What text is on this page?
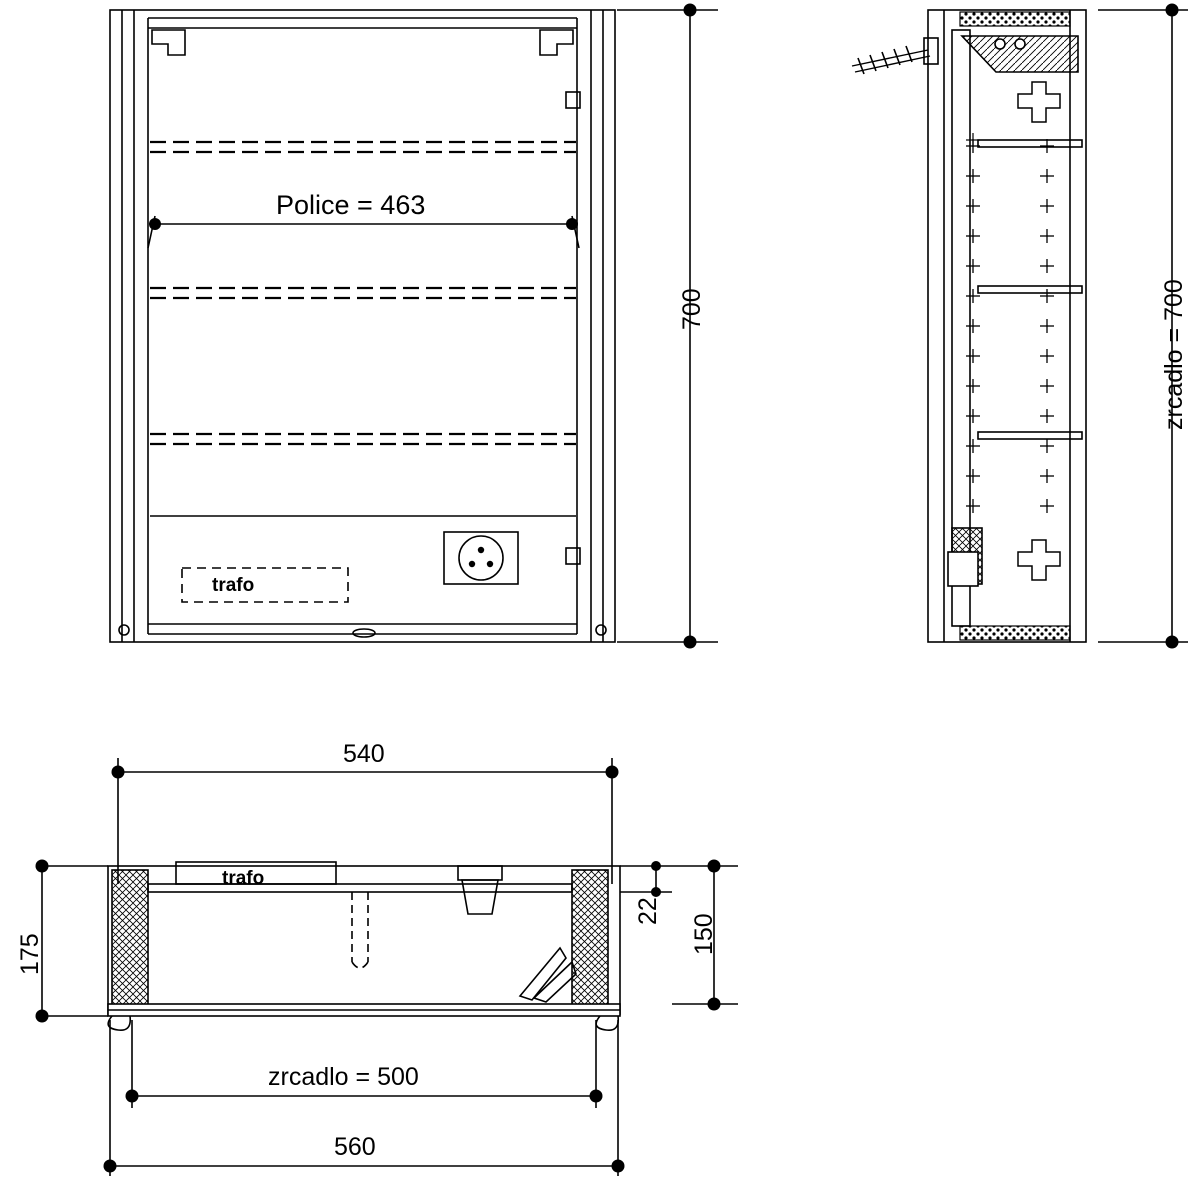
Police = 463
trafo
700	zrcadlo = 700
540
trafo
175
22
150
zrcadlo = 500
560
